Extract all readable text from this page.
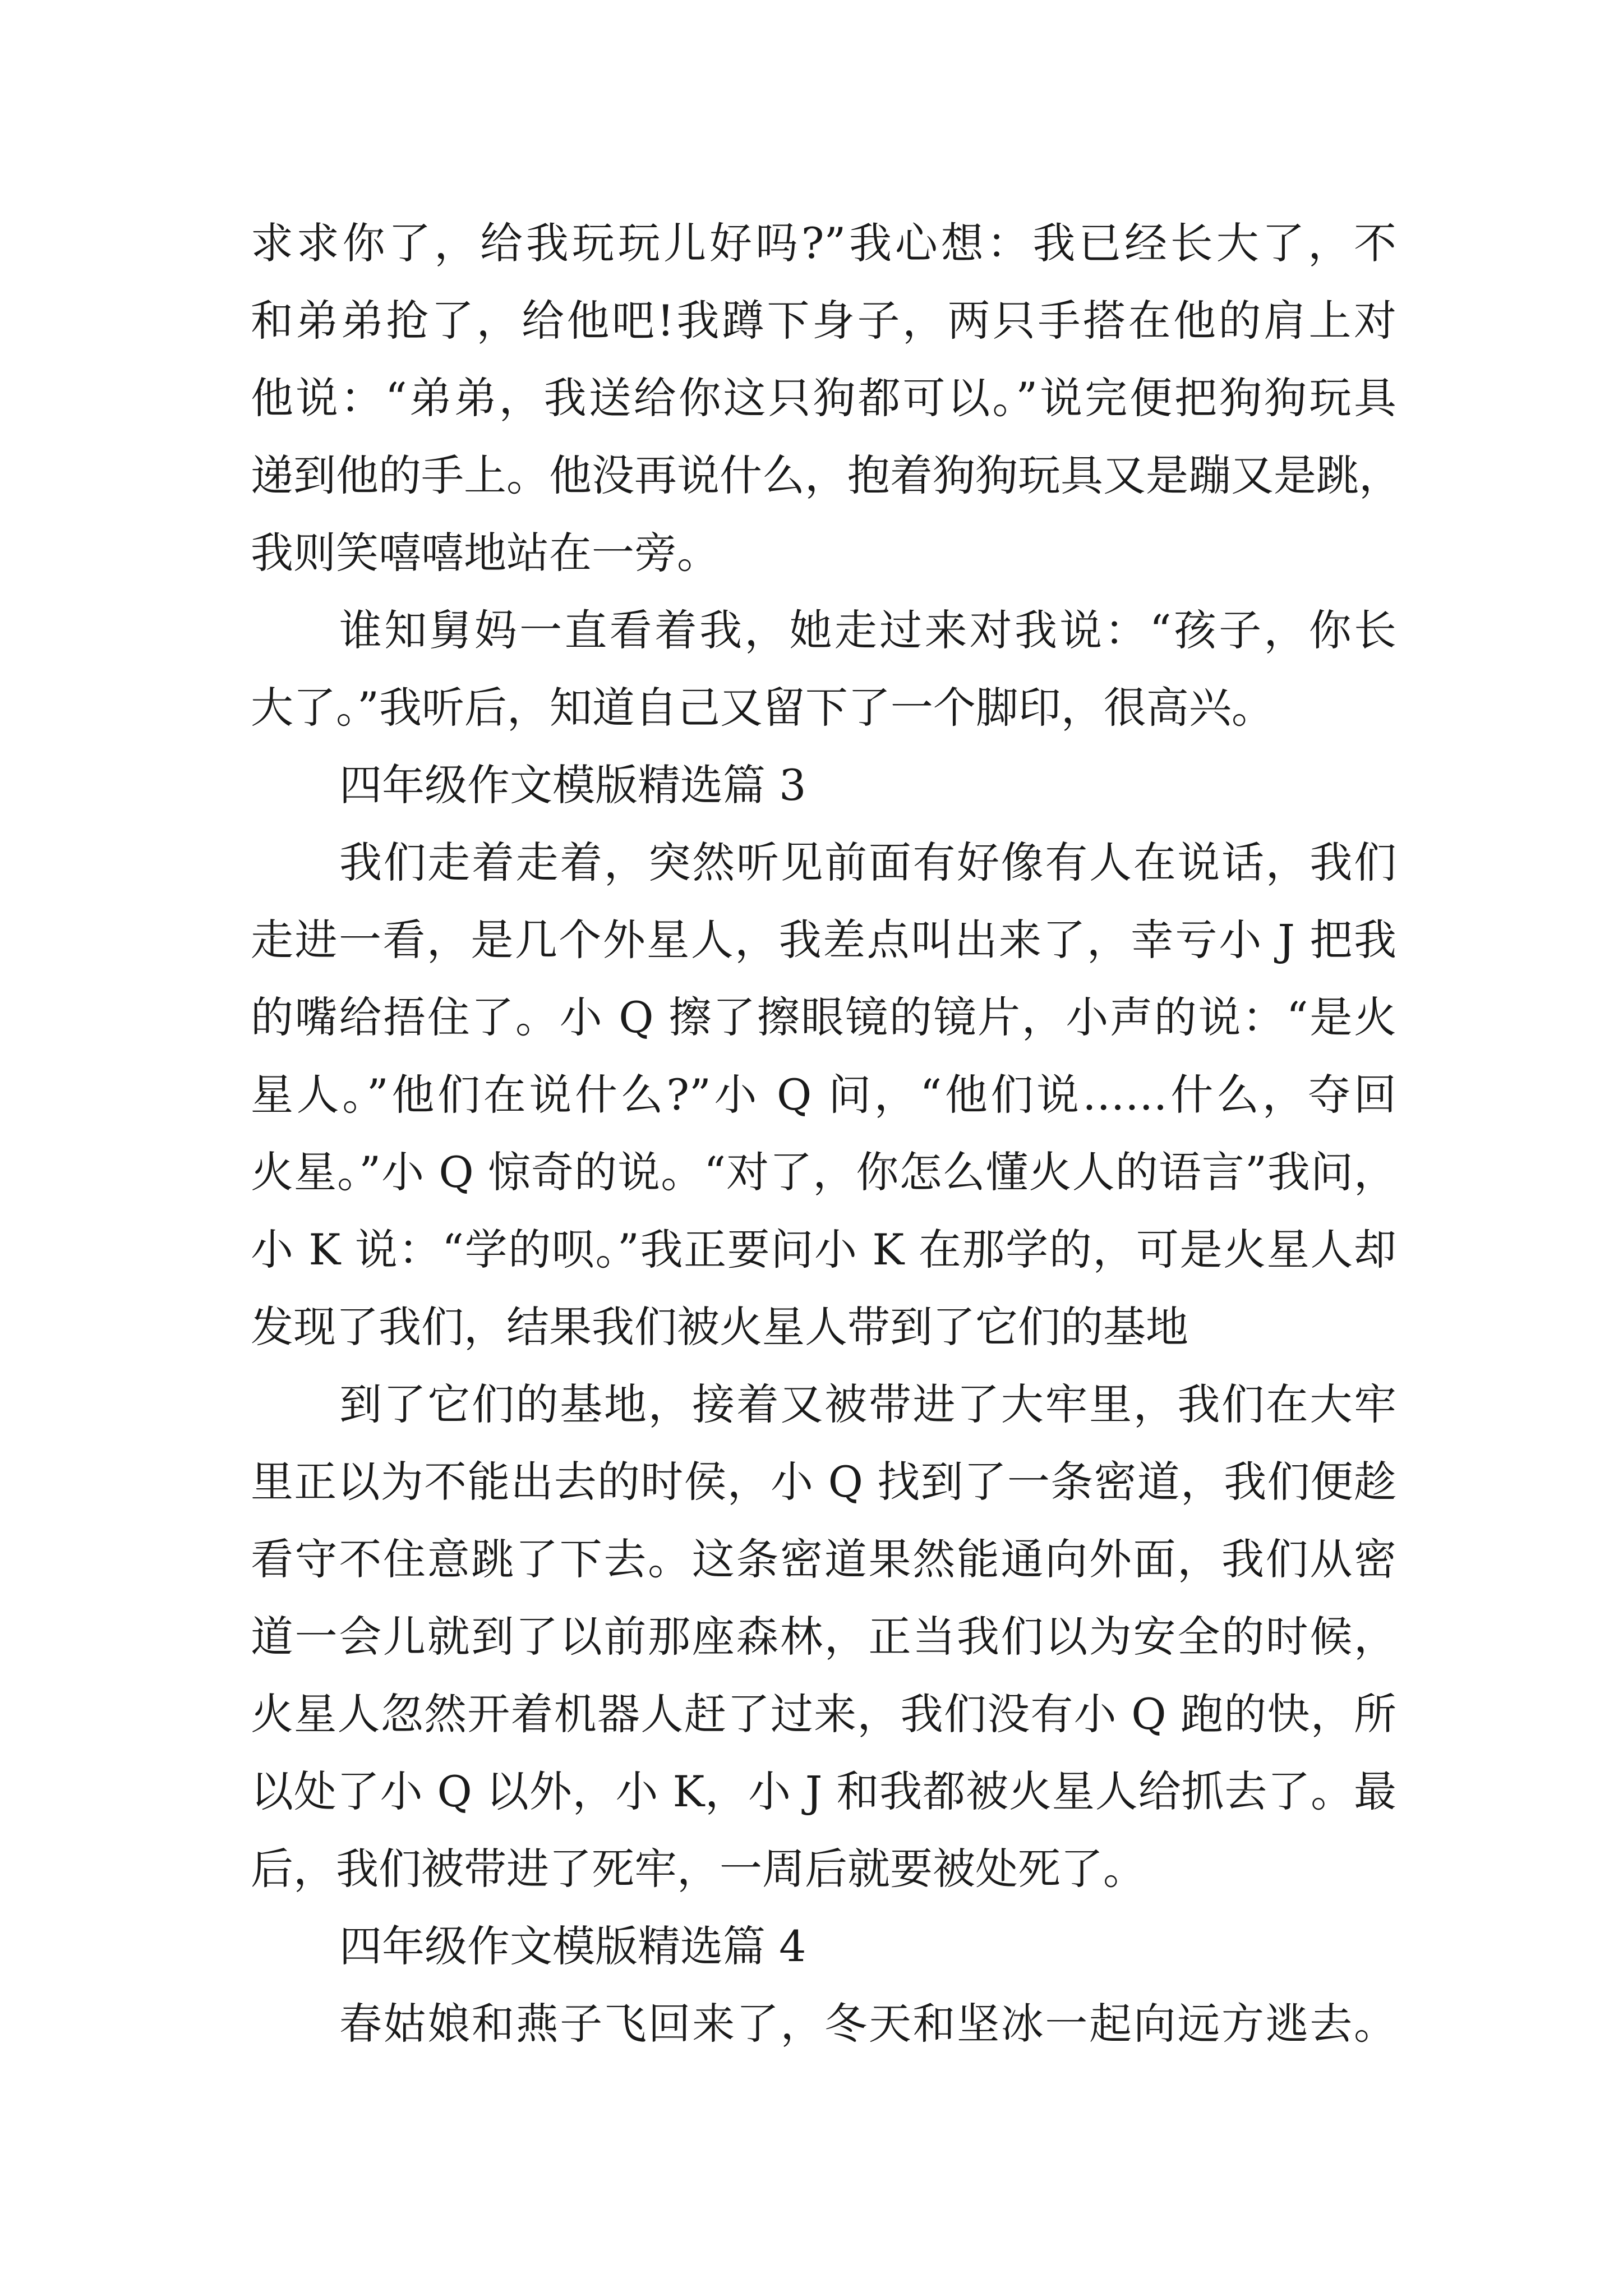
求求你了，给我玩玩儿好吗?”我心想：我已经长大了，不
和弟弟抢了，给他吧!我蹲下身子，两只手搭在他的肩上对
他说：“弟弟，我送给你这只狗都可以。”说完便把狗狗玩具
递到他的手上。他没再说什么，抱着狗狗玩具又是蹦又是跳，
我则笑嘻嘻地站在一旁。
谁知舅妈一直看着我，她走过来对我说：“孩子，你长
大了。”我听后，知道自己又留下了一个脚印，很高兴。
四年级作文模版精选篇 3
我们走着走着，突然听见前面有好像有人在说话，我们
走进一看，是几个外星人，我差点叫出来了，幸亏小 J 把我
的嘴给捂住了。小 Q 擦了擦眼镜的镜片，小声的说：“是火
星人。”他们在说什么?”小 Q 问，“他们说……什么，夺回
火星。”小 Q 惊奇的说。“对了，你怎么懂火人的语言”我问，
小 K 说：“学的呗。”我正要问小 K 在那学的，可是火星人却
发现了我们，结果我们被火星人带到了它们的基地
到了它们的基地，接着又被带进了大牢里，我们在大牢
里正以为不能出去的时侯，小 Q 找到了一条密道，我们便趁
看守不住意跳了下去。这条密道果然能通向外面，我们从密
道一会儿就到了以前那座森林，正当我们以为安全的时候，
火星人忽然开着机器人赶了过来，我们没有小 Q 跑的快，所
以处了小 Q 以外，小 K，小 J 和我都被火星人给抓去了。最
后，我们被带进了死牢，一周后就要被处死了。
四年级作文模版精选篇 4
春姑娘和燕子飞回来了，冬天和坚冰一起向远方逃去。
